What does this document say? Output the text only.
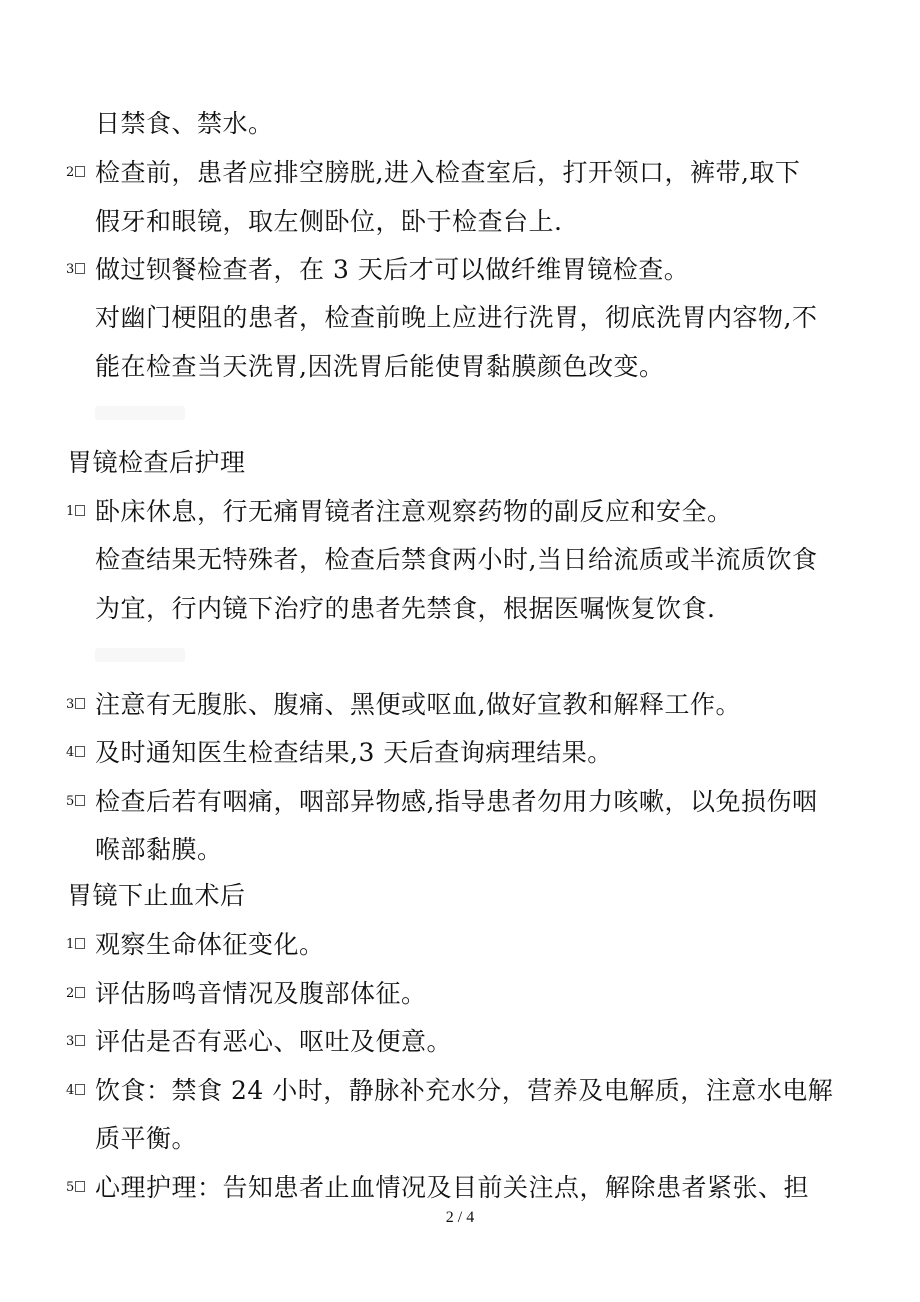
日禁食、禁水。
2 检查前，患者应排空膀胱,进入检查室后，打开领口，裤带,取下
假牙和眼镜，取左侧卧位，卧于检查台上.
3 做过钡餐检查者，在 3 天后才可以做纤维胃镜检查。
对幽门梗阻的患者，检查前晚上应进行洗胃，彻底洗胃内容物,不
能在检查当天洗胃,因洗胃后能使胃黏膜颜色改变。
胃镜检查后护理
1 卧床休息，行无痛胃镜者注意观察药物的副反应和安全。
检查结果无特殊者，检查后禁食两小时,当日给流质或半流质饮食
为宜，行内镜下治疗的患者先禁食，根据医嘱恢复饮食.
3 注意有无腹胀、腹痛、黑便或呕血,做好宣教和解释工作。
4 及时通知医生检查结果,3 天后查询病理结果。
5 检查后若有咽痛，咽部异物感,指导患者勿用力咳嗽，以免损伤咽
喉部黏膜。
胃镜下止血术后
1 观察生命体征变化。
2 评估肠鸣音情况及腹部体征。
3 评估是否有恶心、呕吐及便意。
4 饮食：禁食 24 小时，静脉补充水分，营养及电解质，注意水电解
质平衡。
5 心理护理：告知患者止血情况及目前关注点，解除患者紧张、担
2 / 4
